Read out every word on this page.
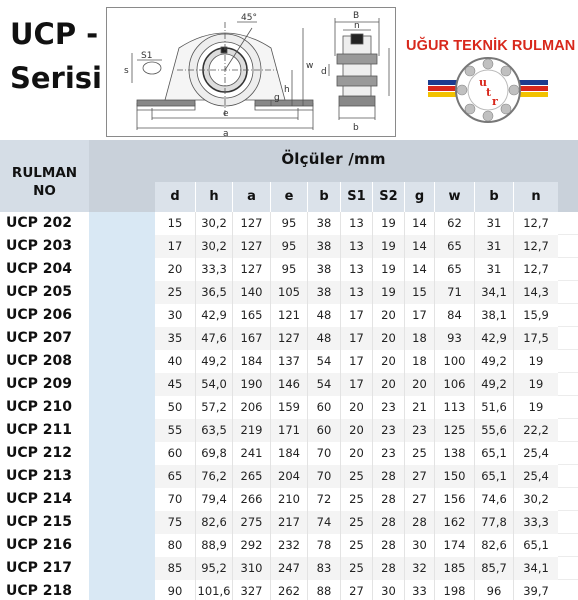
UCP -
Serisi
45°
S1
s	w
h
g
e
a
B
n
d
b
UĞUR TEKNİK RULMAN
u
t
r
RULMAN
NO
Ölçüler /mm
d	h	a	e	b	S1	S2	g	w	b	n
UCP 202	15	30,2	127	95	38	13	19	14	62	31	12,7
UCP 203	17	30,2	127	95	38	13	19	14	65	31	12,7
UCP 204	20	33,3	127	95	38	13	19	14	65	31	12,7
UCP 205	25	36,5	140	105	38	13	19	15	71	34,1	14,3
UCP 206	30	42,9	165	121	48	17	20	17	84	38,1	15,9
UCP 207	35	47,6	167	127	48	17	20	18	93	42,9	17,5
UCP 208	40	49,2	184	137	54	17	20	18	100	49,2	19
UCP 209	45	54,0	190	146	54	17	20	20	106	49,2	19
UCP 210	50	57,2	206	159	60	20	23	21	113	51,6	19
UCP 211	55	63,5	219	171	60	20	23	23	125	55,6	22,2
UCP 212	60	69,8	241	184	70	20	23	25	138	65,1	25,4
UCP 213	65	76,2	265	204	70	25	28	27	150	65,1	25,4
UCP 214	70	79,4	266	210	72	25	28	27	156	74,6	30,2
UCP 215	75	82,6	275	217	74	25	28	28	162	77,8	33,3
UCP 216	80	88,9	292	232	78	25	28	30	174	82,6	65,1
UCP 217	85	95,2	310	247	83	25	28	32	185	85,7	34,1
UCP 218	90	101,6 327	262	88	27	30	33	198	96	39,7
